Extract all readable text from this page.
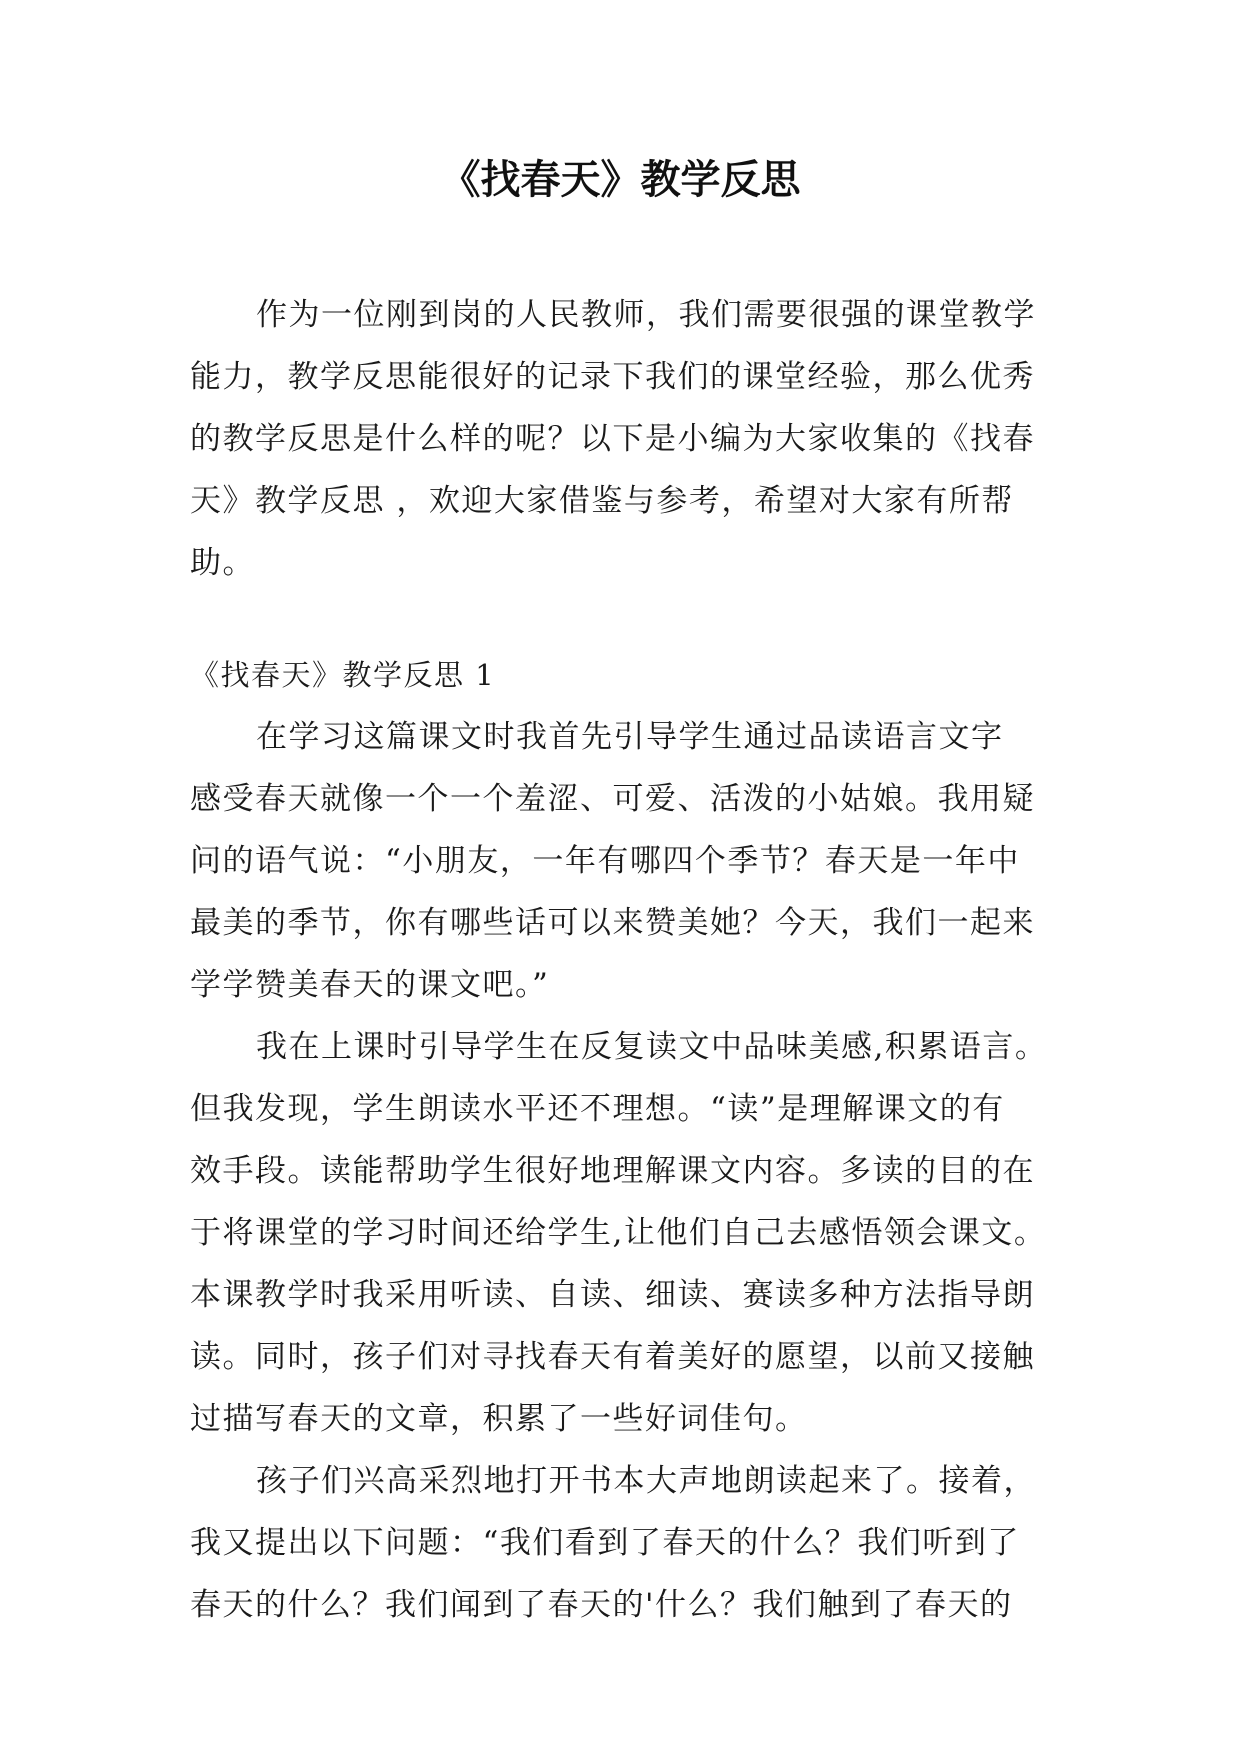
《找春天》教学反思
作为一位刚到岗的人民教师，我们需要很强的课堂教学
能力，教学反思能很好的记录下我们的课堂经验，那么优秀
的教学反思是什么样的呢？以下是小编为大家收集的《找春
天》教学反思 ，欢迎大家借鉴与参考，希望对大家有所帮
助。
《找春天》教学反思 1
在学习这篇课文时我首先引导学生通过品读语言文字
感受春天就像一个一个羞涩、可爱、活泼的小姑娘。我用疑
问的语气说：“小朋友，一年有哪四个季节？春天是一年中
最美的季节，你有哪些话可以来赞美她？今天，我们一起来
学学赞美春天的课文吧。”
我在上课时引导学生在反复读文中品味美感,积累语言。
但我发现，学生朗读水平还不理想。“读”是理解课文的有
效手段。读能帮助学生很好地理解课文内容。多读的目的在
于将课堂的学习时间还给学生,让他们自己去感悟领会课文。
本课教学时我采用听读、自读、细读、赛读多种方法指导朗
读。同时，孩子们对寻找春天有着美好的愿望，以前又接触
过描写春天的文章，积累了一些好词佳句。
孩子们兴高采烈地打开书本大声地朗读起来了。接着，
我又提出以下问题：“我们看到了春天的什么？我们听到了
春天的什么？我们闻到了春天的'什么？我们触到了春天的
